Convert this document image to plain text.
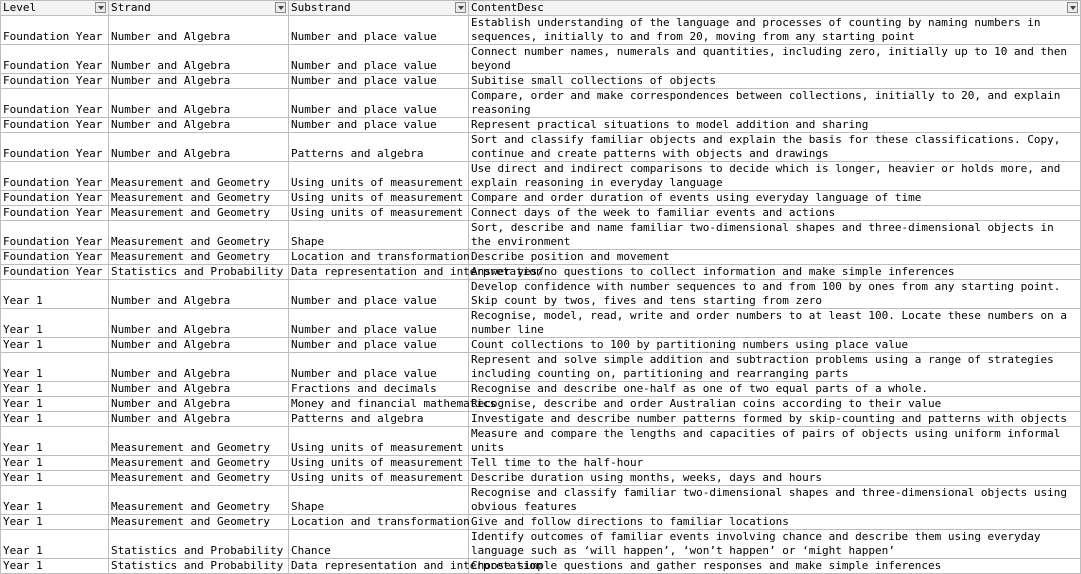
Level	Strand	Substrand	ContentDesc

Foundation Year	Number and Algebra	Number and place value	Establish understanding of the language and processes of counting by naming numbers in sequences, initially to and from 20, moving from any starting point
Foundation Year	Number and Algebra	Number and place value	Connect number names, numerals and quantities, including zero, initially up to 10 and then beyond
Foundation Year	Number and Algebra	Number and place value	Subitise small collections of objects
Foundation Year	Number and Algebra	Number and place value	Compare, order and make correspondences between collections, initially to 20, and explain reasoning
Foundation Year	Number and Algebra	Number and place value	Represent practical situations to model addition and sharing
Foundation Year	Number and Algebra	Patterns and algebra	Sort and classify familiar objects and explain the basis for these classifications. Copy, continue and create patterns with objects and drawings
Foundation Year	Measurement and Geometry	Using units of measurement	Use direct and indirect comparisons to decide which is longer, heavier or holds more, and explain reasoning in everyday language
Foundation Year	Measurement and Geometry	Using units of measurement	Compare and order duration of events using everyday language of time
Foundation Year	Measurement and Geometry	Using units of measurement	Connect days of the week to familiar events and actions
Foundation Year	Measurement and Geometry	Shape	Sort, describe and name familiar two-dimensional shapes and three-dimensional objects in the environment
Foundation Year	Measurement and Geometry	Location and transformation	Describe position and movement
Foundation Year	Statistics and Probability	Data representation and interpretation	Answer yes/no questions to collect information and make simple inferences
Year 1	Number and Algebra	Number and place value	Develop confidence with number sequences to and from 100 by ones from any starting point. Skip count by twos, fives and tens starting from zero
Year 1	Number and Algebra	Number and place value	Recognise, model, read, write and order numbers to at least 100. Locate these numbers on a number line
Year 1	Number and Algebra	Number and place value	Count collections to 100 by partitioning numbers using place value
Year 1	Number and Algebra	Number and place value	Represent and solve simple addition and subtraction problems using a range of strategies including counting on, partitioning and rearranging parts
Year 1	Number and Algebra	Fractions and decimals	Recognise and describe one-half as one of two equal parts of a whole.
Year 1	Number and Algebra	Money and financial mathematics	Recognise, describe and order Australian coins according to their value
Year 1	Number and Algebra	Patterns and algebra	Investigate and describe number patterns formed by skip-counting and patterns with objects
Year 1	Measurement and Geometry	Using units of measurement	Measure and compare the lengths and capacities of pairs of objects using uniform informal units
Year 1	Measurement and Geometry	Using units of measurement	Tell time to the half-hour
Year 1	Measurement and Geometry	Using units of measurement	Describe duration using months, weeks, days and hours
Year 1	Measurement and Geometry	Shape	Recognise and classify familiar two-dimensional shapes and three-dimensional objects using obvious features
Year 1	Measurement and Geometry	Location and transformation	Give and follow directions to familiar locations
Year 1	Statistics and Probability	Chance	Identify outcomes of familiar events involving chance and describe them using everyday language such as ‘will happen’, ‘won’t happen’ or ‘might happen’
Year 1	Statistics and Probability	Data representation and interpretation	Choose simple questions and gather responses and make simple inferences
